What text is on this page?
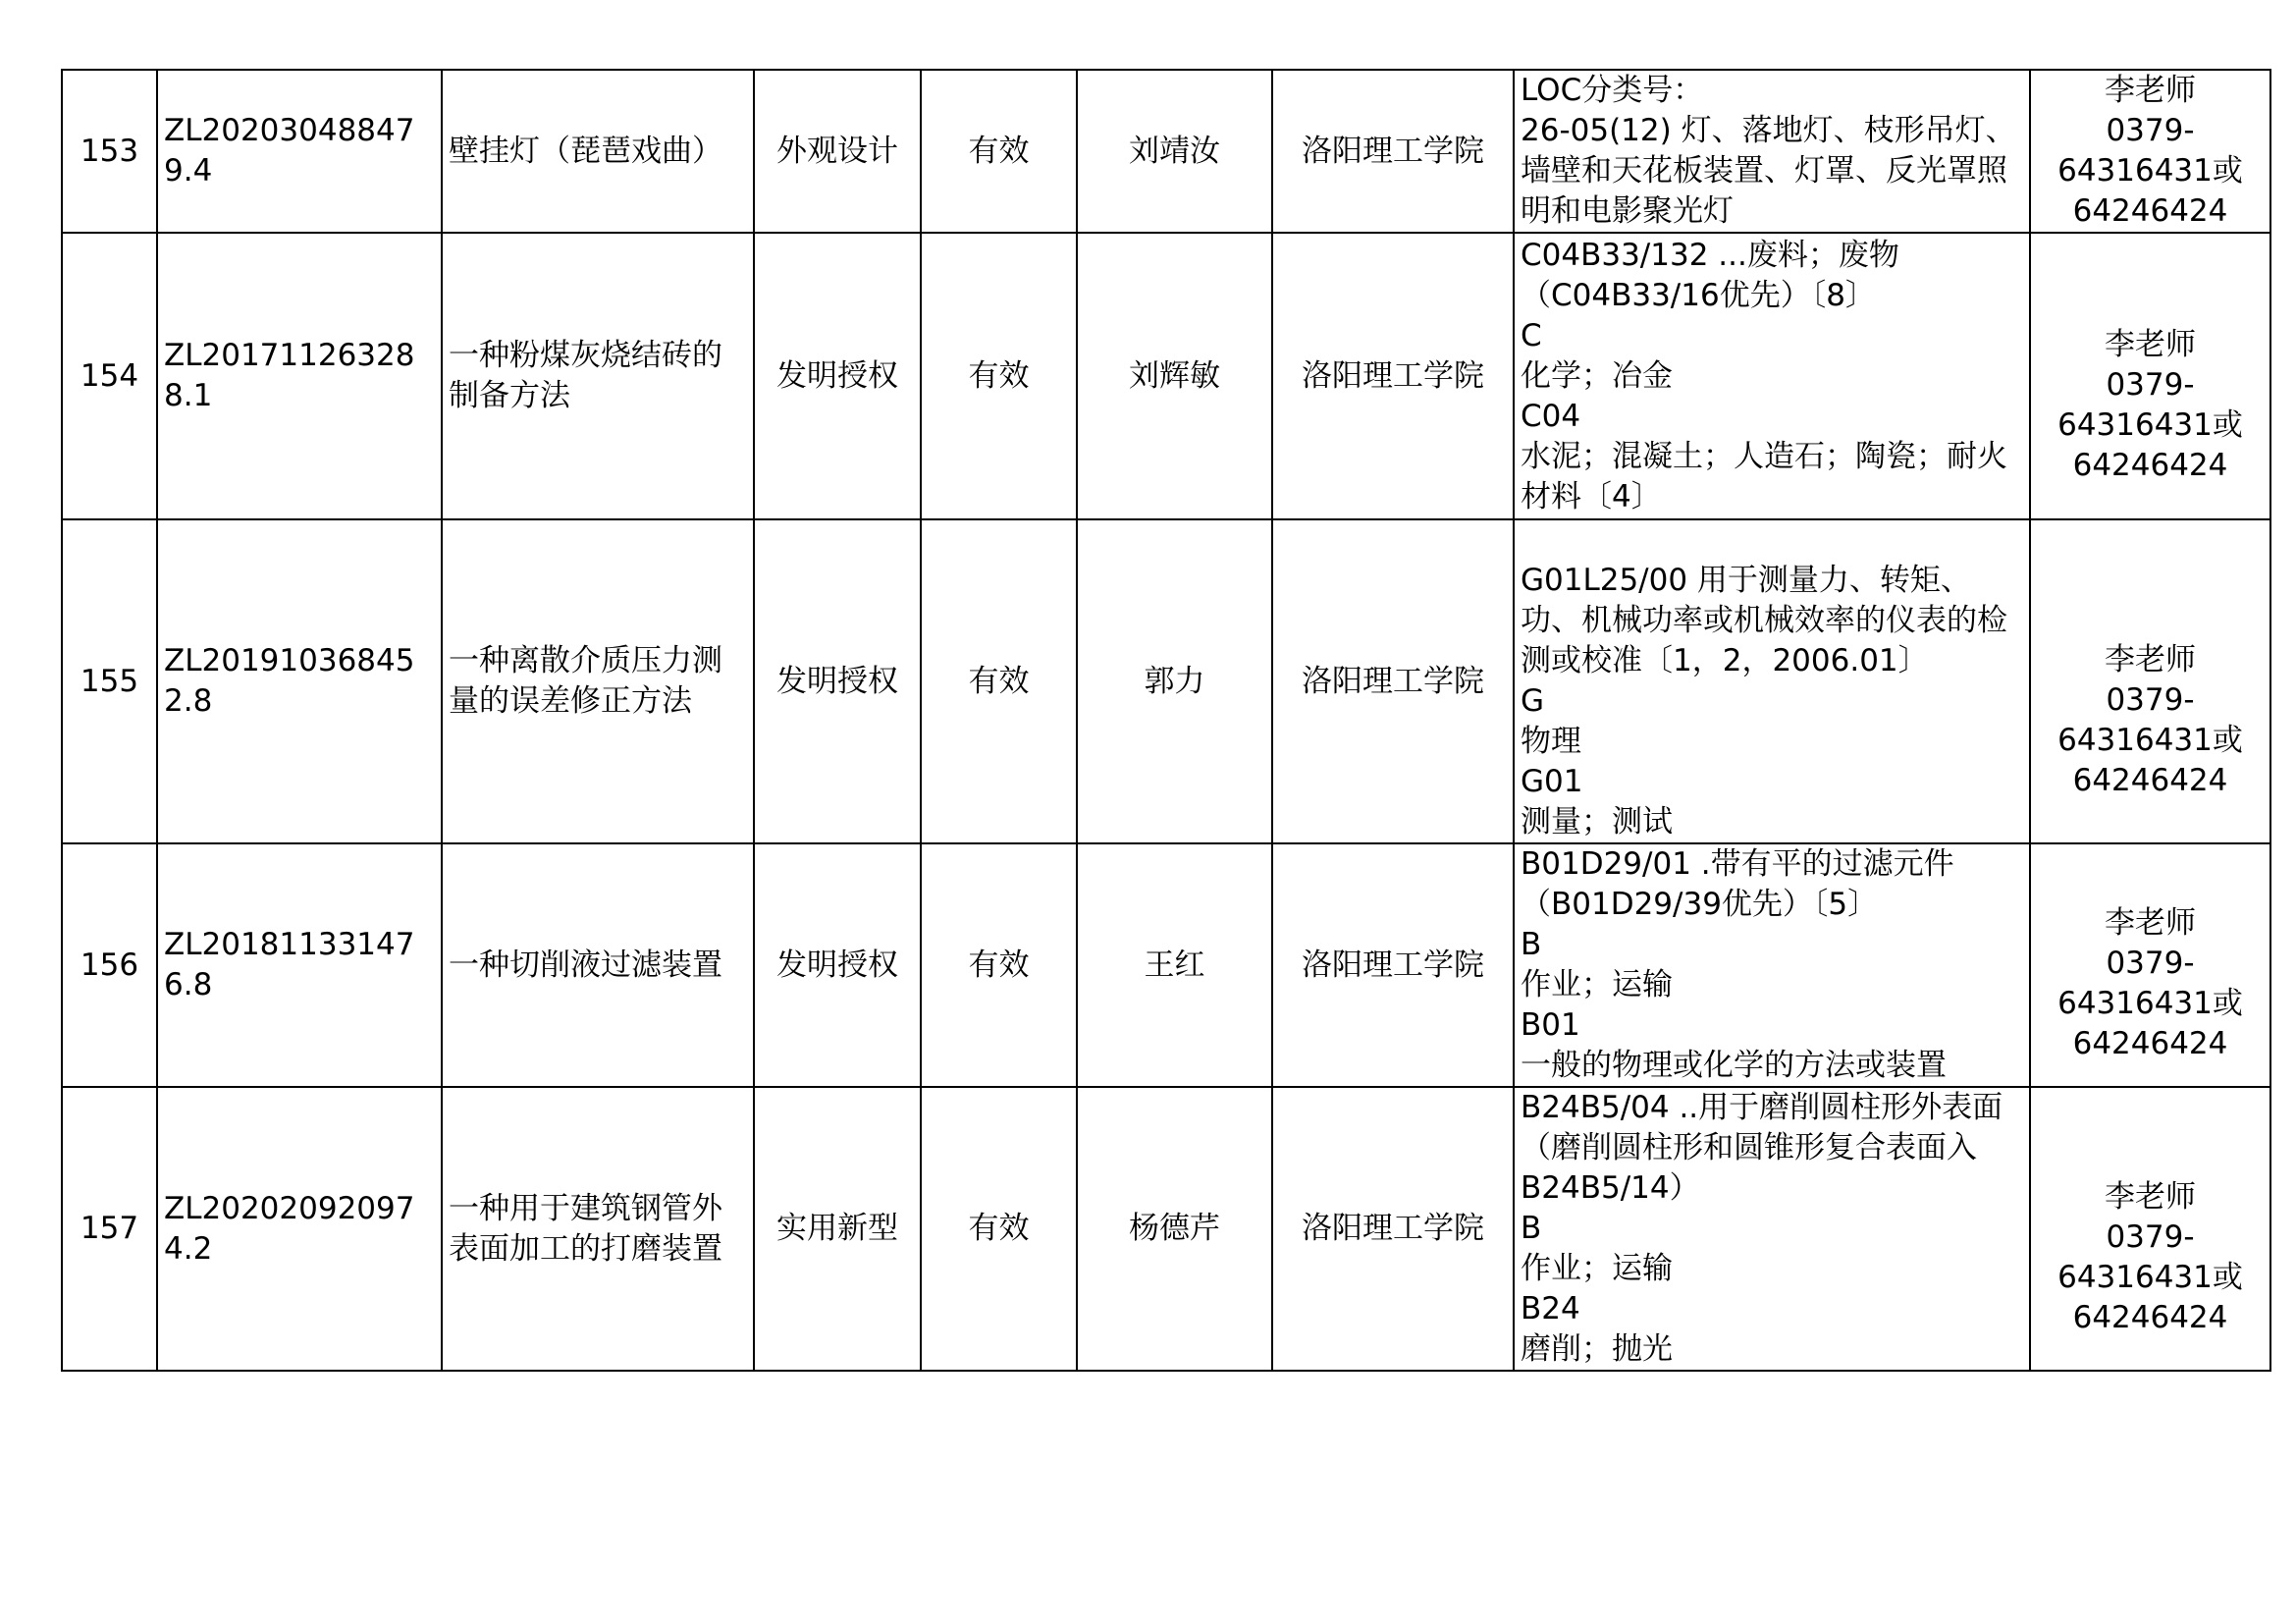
153	ZL202030488479.4	壁挂灯（琵琶戏曲）	外观设计	有效	刘靖汝	洛阳理工学院	LOC分类号：
26-05(12) 灯、落地灯、枝形吊灯、墙壁和天花板装置、灯罩、反光罩照明和电影聚光灯	李老师
0379-
64316431或
64246424

154	ZL201711263288.1	一种粉煤灰烧结砖的制备方法	发明授权	有效	刘辉敏	洛阳理工学院	C04B33/132 ...废料；废物（C04B33/16优先）〔8〕
C
化学；冶金
C04
水泥；混凝土；人造石；陶瓷；耐火材料〔4〕	李老师
0379-
64316431或
64246424

155	ZL201910368452.8	一种离散介质压力测量的误差修正方法	发明授权	有效	郭力	洛阳理工学院	G01L25/00 用于测量力、转矩、功、机械功率或机械效率的仪表的检测或校准〔1，2，2006.01〕
G
物理
G01
测量；测试	李老师
0379-
64316431或
64246424

156	ZL201811331476.8	一种切削液过滤装置	发明授权	有效	王红	洛阳理工学院	B01D29/01 .带有平的过滤元件（B01D29/39优先）〔5〕
B
作业；运输
B01
一般的物理或化学的方法或装置	李老师
0379-
64316431或
64246424

157	ZL202020920974.2	一种用于建筑钢管外表面加工的打磨装置	实用新型	有效	杨德芹	洛阳理工学院	B24B5/04 ..用于磨削圆柱形外表面（磨削圆柱形和圆锥形复合表面入B24B5/14）
B
作业；运输
B24
磨削；抛光	李老师
0379-
64316431或
64246424
